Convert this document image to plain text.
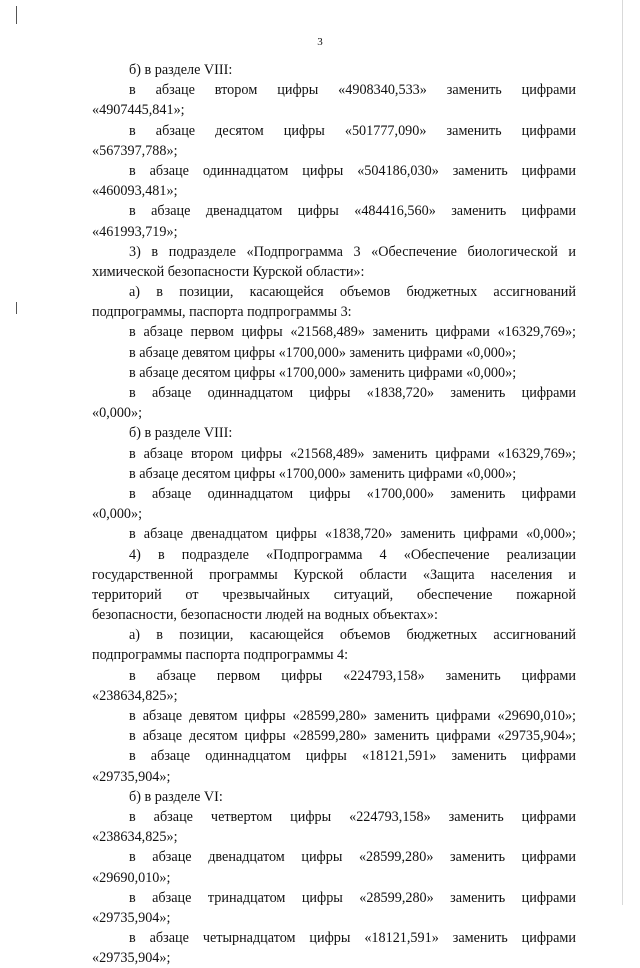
3
б) в разделе VIII:
в абзаце вторoм цифры «4908340,533» заменить цифрами
«4907445,841»;
в абзаце десятом цифры «501777,090» заменить цифрами
«567397,788»;
в абзаце одиннадцатом цифры «504186,030» заменить цифрами
«460093,481»;
в абзаце двенадцатом цифры «484416,560» заменить цифрами
«461993,719»;
3) в подразделе «Подпрограмма 3 «Обеспечение биологической и
химической безопасности Курской области»:
а) в позиции, касающейся объемов бюджетных ассигнований
подпрограммы, паспорта подпрограммы 3:
в абзаце первом цифры «21568,489» заменить цифрами «16329,769»;
в абзаце девятом цифры «1700,000» заменить цифрами «0,000»;
в абзаце десятом цифры «1700,000» заменить цифрами «0,000»;
в абзаце одиннадцатом цифры «1838,720» заменить цифрами
«0,000»;
б) в разделе VIII:
в абзаце втором цифры «21568,489» заменить цифрами «16329,769»;
в абзаце десятом цифры «1700,000» заменить цифрами «0,000»;
в абзаце одиннадцатом цифры «1700,000» заменить цифрами
«0,000»;
в абзаце двенадцатом цифры «1838,720» заменить цифрами «0,000»;
4) в подразделе «Подпрограмма 4 «Обеспечение реализации
государственной программы Курской области «Защита населения и
территорий от чрезвычайных ситуаций, обеспечение пожарной
безопасности, безопасности людей на водных объектах»:
а) в позиции, касающейся объемов бюджетных ассигнований
подпрограммы паспорта подпрограммы 4:
в абзаце первом цифры «224793,158» заменить цифрами
«238634,825»;
в абзаце девятом цифры «28599,280» заменить цифрами «29690,010»;
в абзаце десятом цифры «28599,280» заменить цифрами «29735,904»;
в абзаце одиннадцатом цифры «18121,591» заменить цифрами
«29735,904»;
б) в разделе VI:
в абзаце четвертом цифры «224793,158» заменить цифрами
«238634,825»;
в абзаце двенадцатом цифры «28599,280» заменить цифрами
«29690,010»;
в абзаце тринадцатом цифры «28599,280» заменить цифрами
«29735,904»;
в абзаце четырнадцатом цифры «18121,591» заменить цифрами
«29735,904»;
